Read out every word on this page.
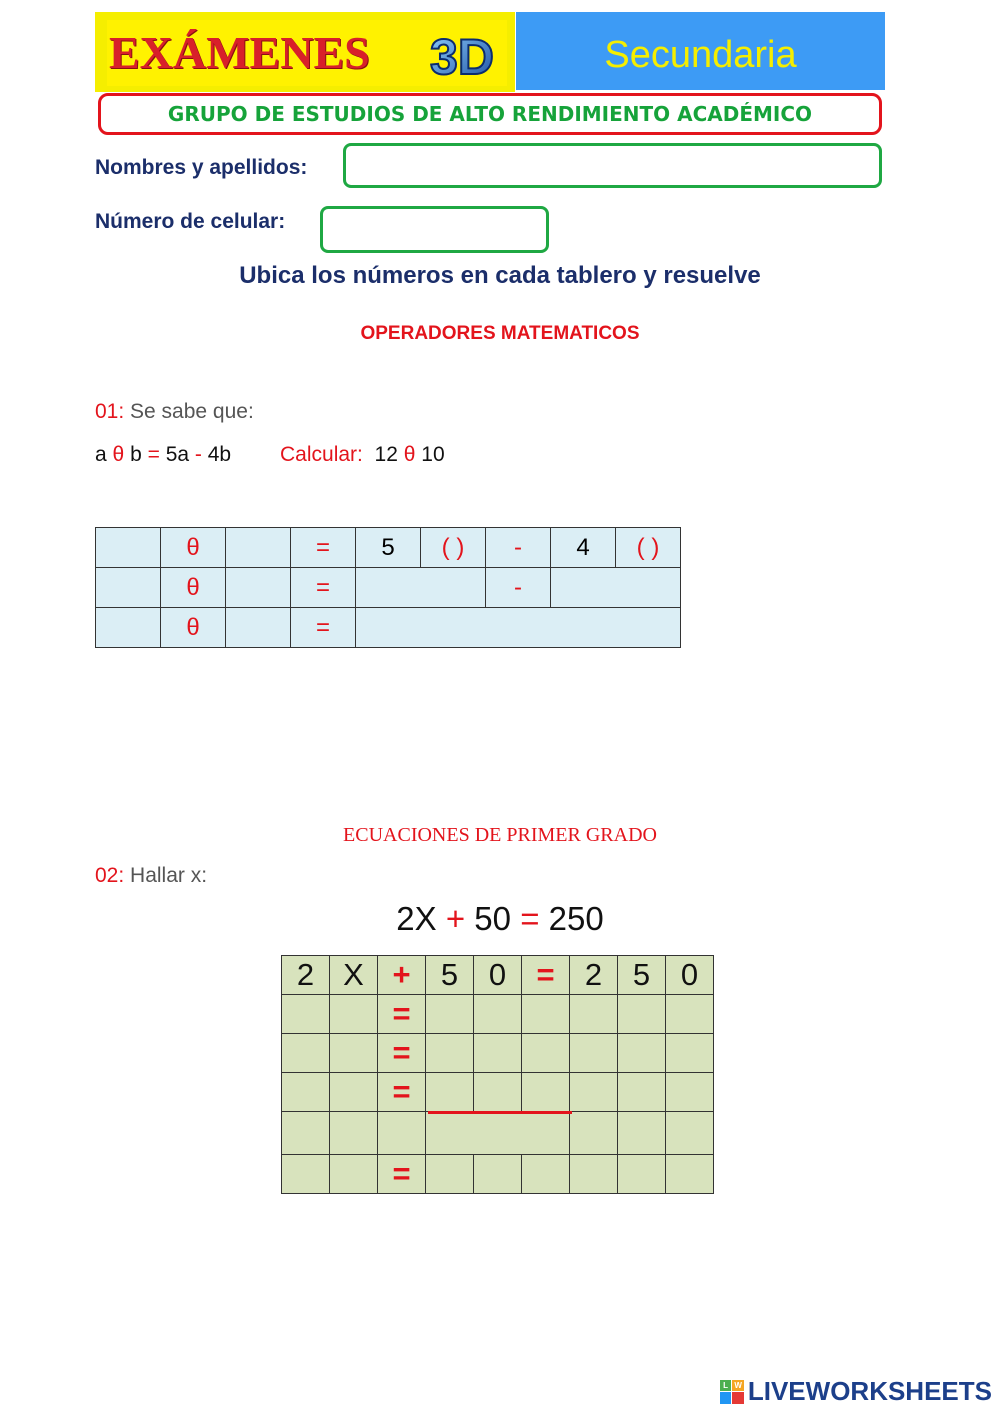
EXÁMENES 3D	Secundaria
GRUPO DE ESTUDIOS DE ALTO RENDIMIENTO ACADÉMICO
Nombres y apellidos:
Número de celular:
Ubica los números en cada tablero y resuelve
OPERADORES MATEMATICOS
01: Se sabe que:
a θ b = 5a - 4b Calcular: 12 θ 10
	θ		=	5	( )	-	4	( )
	θ		=			-		
	θ		=					
ECUACIONES DE PRIMER GRADO
02: Hallar x:
2X + 50 = 250
2	X	+	5	0	=	2	5	0
		=						
		=						
		=						

		=						
L W LIVEWORKSHEETS
